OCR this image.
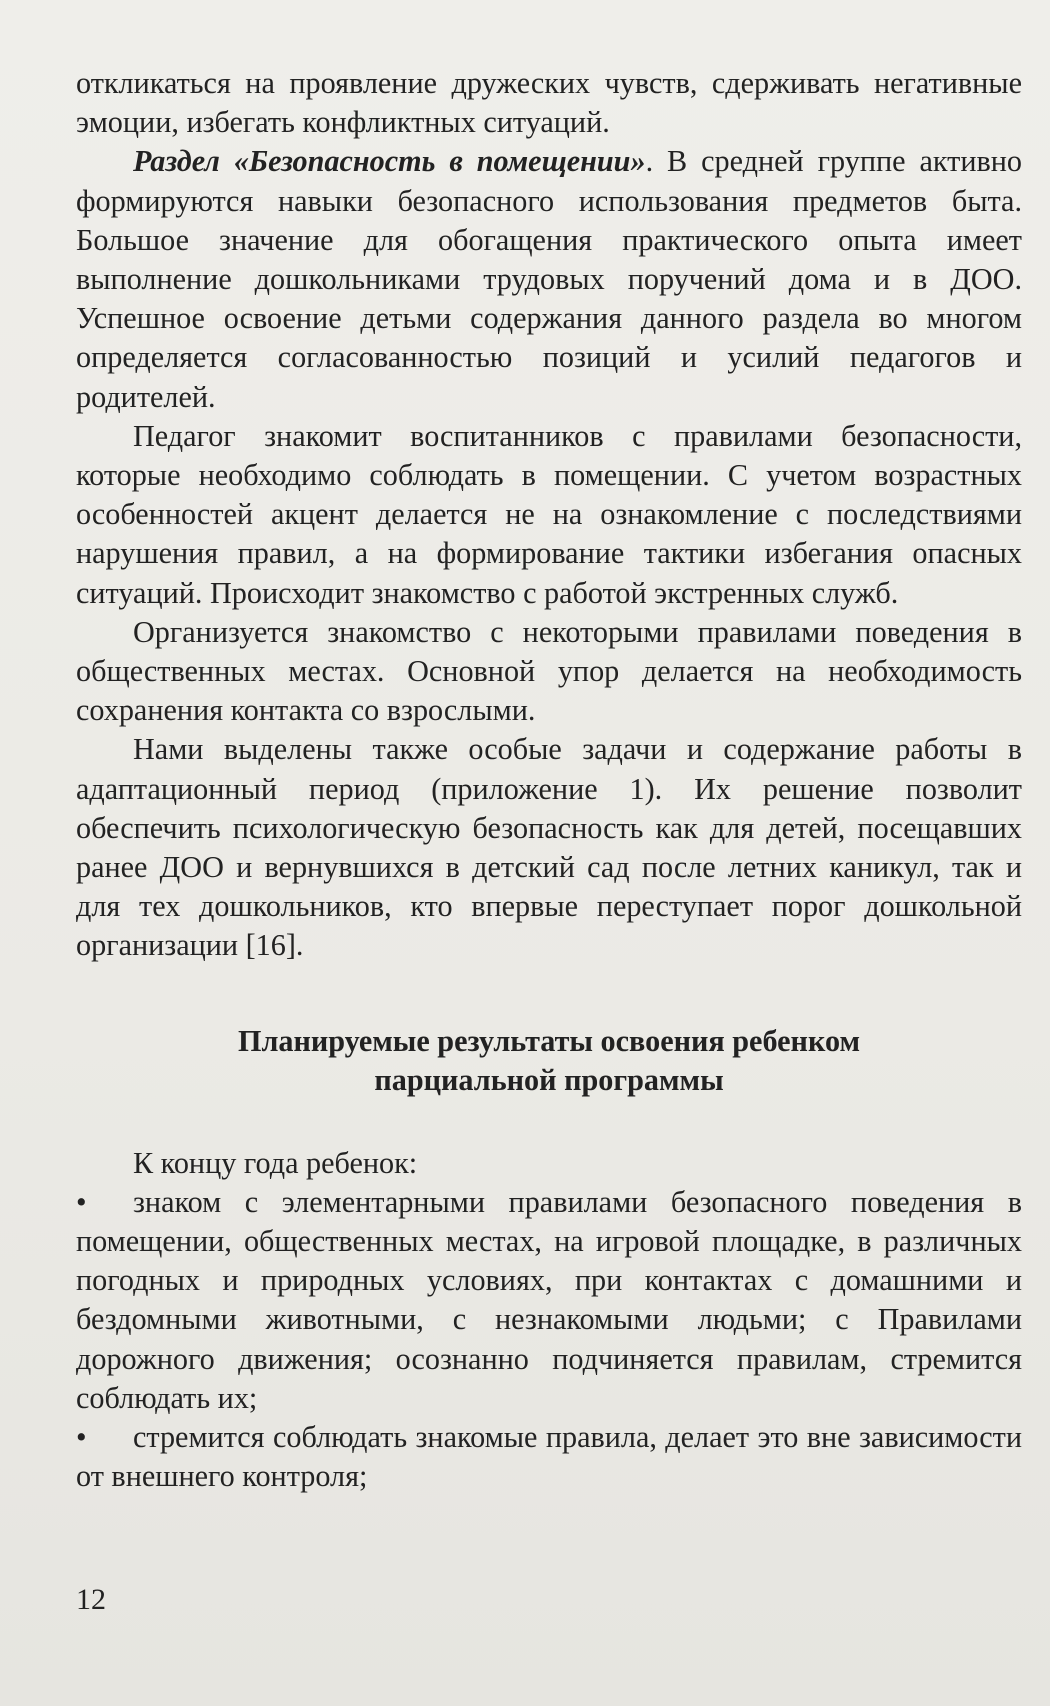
откликаться на проявление дружеских чувств, сдерживать негативные эмоции, избегать конфликтных ситуаций.

Раздел «Безопасность в помещении». В средней группе активно формируются навыки безопасного использования предметов быта. Большое значение для обогащения практического опыта имеет выполнение дошкольниками трудовых поручений дома и в ДОО. Успешное освоение детьми содержания данного раздела во многом определяется согласованностью позиций и усилий педагогов и родителей.

Педагог знакомит воспитанников с правилами безопасности, которые необходимо соблюдать в помещении. С учетом возрастных особенностей акцент делается не на ознакомление с последствиями нарушения правил, а на формирование тактики избегания опасных ситуаций. Происходит знакомство с работой экстренных служб.

Организуется знакомство с некоторыми правилами поведения в общественных местах. Основной упор делается на необходимость сохранения контакта со взрослыми.

Нами выделены также особые задачи и содержание работы в адаптационный период (приложение 1). Их решение позволит обеспечить психологическую безопасность как для детей, посещавших ранее ДОО и вернувшихся в детский сад после летних каникул, так и для тех дошкольников, кто впервые переступает порог дошкольной организации [16].

Планируемые результаты освоения ребенком
парциальной программы

К концу года ребенок:

• знаком с элементарными правилами безопасного поведения в помещении, общественных местах, на игровой площадке, в различных погодных и природных условиях, при контактах с домашними и бездомными животными, с незнакомыми людьми; с Правилами дорожного движения; осознанно подчиняется правилам, стремится соблюдать их;

• стремится соблюдать знакомые правила, делает это вне зависимости от внешнего контроля;

12
